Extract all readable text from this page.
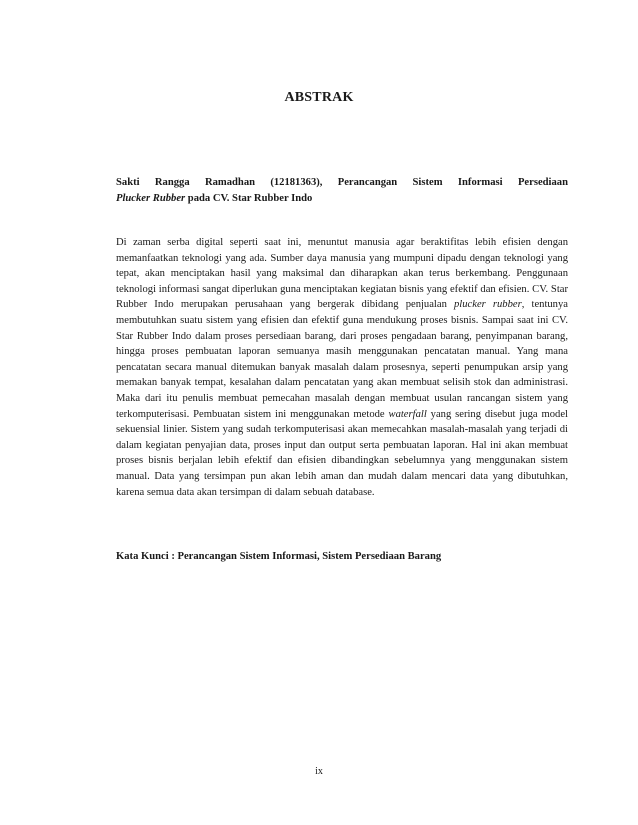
ABSTRAK
Sakti Rangga Ramadhan (12181363), Perancangan Sistem Informasi Persediaan
Plucker Rubber pada CV. Star Rubber Indo

Di zaman serba digital seperti saat ini, menuntut manusia agar beraktifitas lebih efisien dengan memanfaatkan teknologi yang ada. Sumber daya manusia yang mumpuni dipadu dengan teknologi yang tepat, akan menciptakan hasil yang maksimal dan diharapkan akan terus berkembang. Penggunaan teknologi informasi sangat diperlukan guna menciptakan kegiatan bisnis yang efektif dan efisien. CV. Star Rubber Indo merupakan perusahaan yang bergerak dibidang penjualan plucker rubber, tentunya membutuhkan suatu sistem yang efisien dan efektif guna mendukung proses bisnis. Sampai saat ini CV. Star Rubber Indo dalam proses persediaan barang, dari proses pengadaan barang, penyimpanan barang, hingga proses pembuatan laporan semuanya masih menggunakan pencatatan manual. Yang mana pencatatan secara manual ditemukan banyak masalah dalam prosesnya, seperti penumpukan arsip yang memakan banyak tempat, kesalahan dalam pencatatan yang akan membuat selisih stok dan administrasi. Maka dari itu penulis membuat pemecahan masalah dengan membuat usulan rancangan sistem yang terkomputerisasi. Pembuatan sistem ini menggunakan metode waterfall yang sering disebut juga model sekuensial linier. Sistem yang sudah terkomputerisasi akan memecahkan masalah-masalah yang terjadi di dalam kegiatan penyajian data, proses input dan output serta pembuatan laporan. Hal ini akan membuat proses bisnis berjalan lebih efektif dan efisien dibandingkan sebelumnya yang menggunakan sistem manual. Data yang tersimpan pun akan lebih aman dan mudah dalam mencari data yang dibutuhkan, karena semua data akan tersimpan di dalam sebuah database.

Kata Kunci : Perancangan Sistem Informasi, Sistem Persediaan Barang
ix
